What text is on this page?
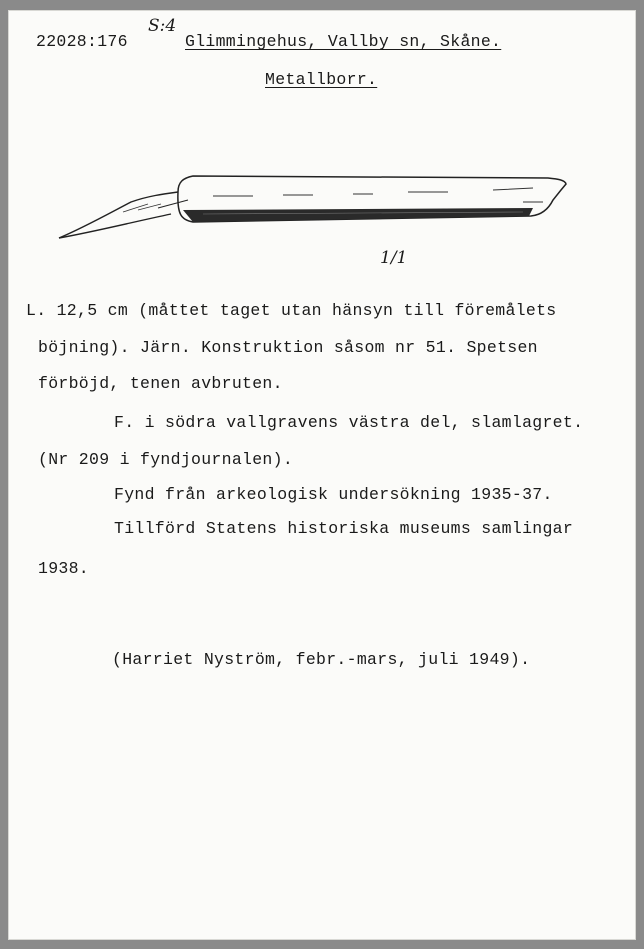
22028:176
S:4
Glimmingehus, Vallby sn, Skåne.
Metallborr.
1/1
L. 12,5 cm (måttet taget utan hänsyn till föremålets
böjning). Järn. Konstruktion såsom nr 51. Spetsen
förböjd, tenen avbruten.
F. i södra vallgravens västra del, slamlagret.
(Nr 209 i fyndjournalen).
Fynd från arkeologisk undersökning 1935-37.
Tillförd Statens historiska museums samlingar
1938.
(Harriet Nyström, febr.-mars, juli 1949).
